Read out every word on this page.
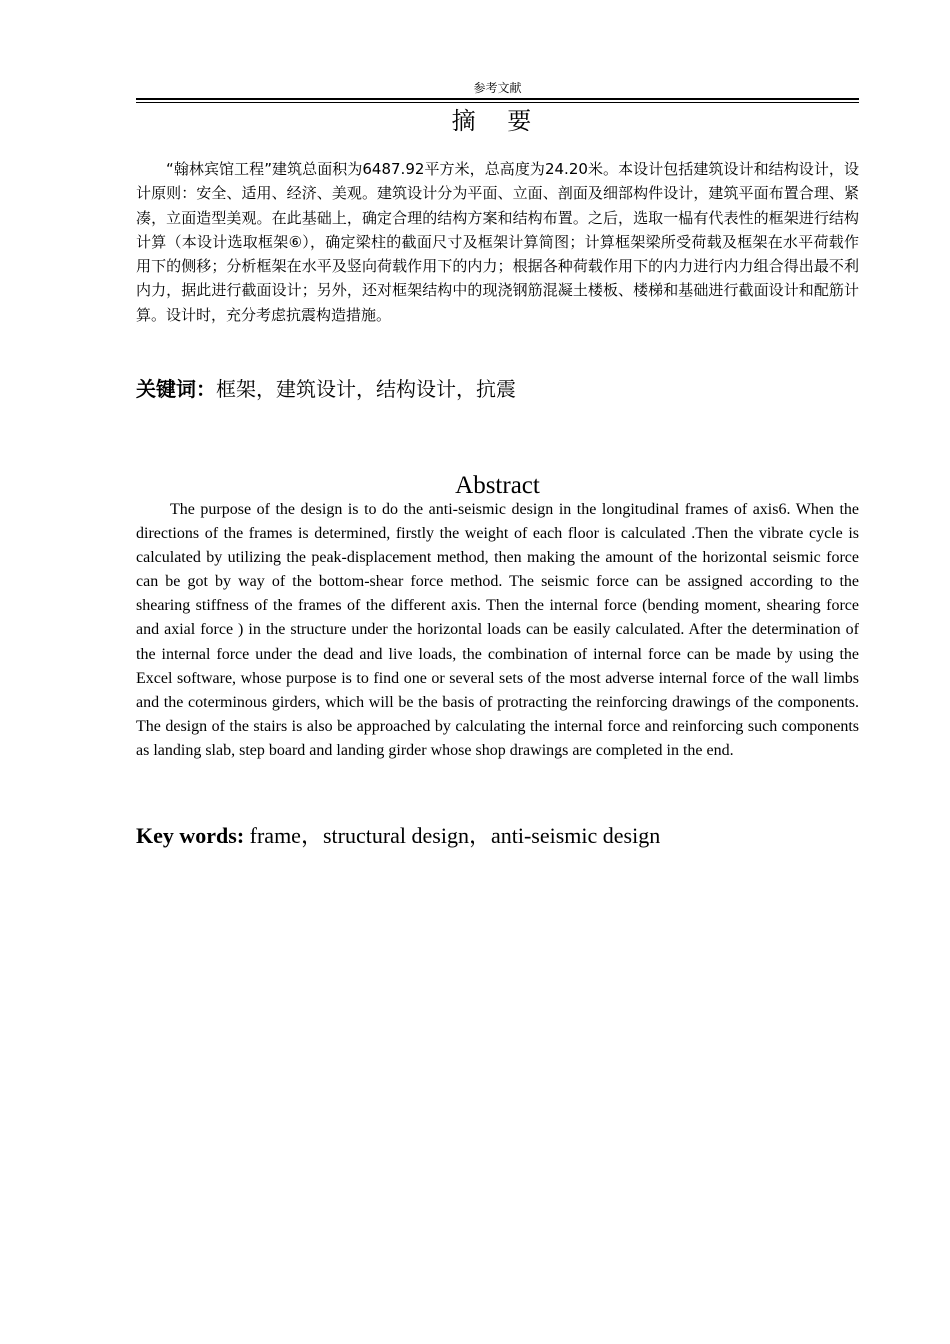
参考文献
摘 要

“翰林宾馆工程”建筑总面积为6487.92平方米，总高度为24.20米。本设计包括建筑设计和结构设计，设计原则：安全、适用、经济、美观。建筑设计分为平面、立面、剖面及细部构件设计，建筑平面布置合理、紧凑，立面造型美观。在此基础上，确定合理的结构方案和结构布置。之后，选取一榀有代表性的框架进行结构计算（本设计选取框架⑥），确定梁柱的截面尺寸及框架计算简图；计算框架梁所受荷载及框架在水平荷载作用下的侧移；分析框架在水平及竖向荷载作用下的内力；根据各种荷载作用下的内力进行内力组合得出最不利内力，据此进行截面设计；另外，还对框架结构中的现浇钢筋混凝土楼板、楼梯和基础进行截面设计和配筋计算。设计时，充分考虑抗震构造措施。

关键词：框架，建筑设计，结构设计，抗震

Abstract

The purpose of the design is to do the anti-seismic design in the longitudinal frames of axis6. When the directions of the frames is determined, firstly the weight of each floor is calculated .Then the vibrate cycle is calculated by utilizing the peak-displacement method, then making the amount of the horizontal seismic force can be got by way of the bottom-shear force method. The seismic force can be assigned according to the shearing stiffness of the frames of the different axis. Then the internal force (bending moment, shearing force and axial force ) in the structure under the horizontal loads can be easily calculated. After the determination of the internal force under the dead and live loads, the combination of internal force can be made by using the Excel software, whose purpose is to find one or several sets of the most adverse internal force of the wall limbs and the coterminous girders, which will be the basis of protracting the reinforcing drawings of the components. The design of the stairs is also be approached by calculating the internal force and reinforcing such components as landing slab, step board and landing girder whose shop drawings are completed in the end.

Key words: frame，structural design，anti-seismic design
